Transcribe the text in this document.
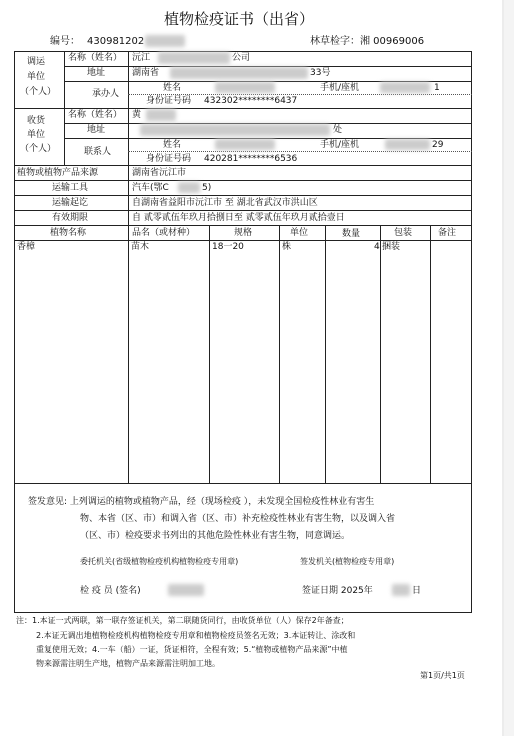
植物检疫证书（出省）
编号： 430981202	林草检字：湘 00969006
调运
单位
（个人）
名称（姓名） 沅江	公司
地址	湖南省	33号
承办人
姓名	手机/座机	1
身份证号码 432302********6437
收货
单位
（个人）
名称（姓名） 黄
地址	处
联系人
姓名	手机/座机	29
身份证号码 420281********6536
植物或植物产品来源	湖南省沅江市
运输工具	汽车(鄂C	5)
运输起讫	自湖南省益阳市沅江市 至 湖北省武汉市洪山区
有效期限	自 贰零贰伍年玖月拾捌日至 贰零贰伍年玖月贰拾壹日
植物名称	品名（或材种）	规格	单位	数量	包装	备注
香樟	苗木	18一20	株	4 捆装
签发意见: 上列调运的植物或植物产品，经（现场检疫 ），未发现全国检疫性林业有害生
物、本省（区、市）和调入省（区、市）补充检疫性林业有害生物，以及调入省
（区、市）检疫要求书列出的其他危险性林业有害生物，同意调运。
委托机关(省级植物检疫机构植物检疫专用章)	签发机关(植物检疫专用章)
检 疫 员 (签名)	签证日期 2025年	日
注：1.本证一式两联，第一联存签证机关，第二联随货同行，由收货单位（人）保存2年备查；
2.本证无调出地植物检疫机构植物检疫专用章和植物检疫员签名无效；3.本证转让、涂改和
重复使用无效；4.一车（船）一证，货证相符，全程有效；5.“植物或植物产品来源”中植
物来源需注明生产地，植物产品来源需注明加工地。
第1页/共1页
